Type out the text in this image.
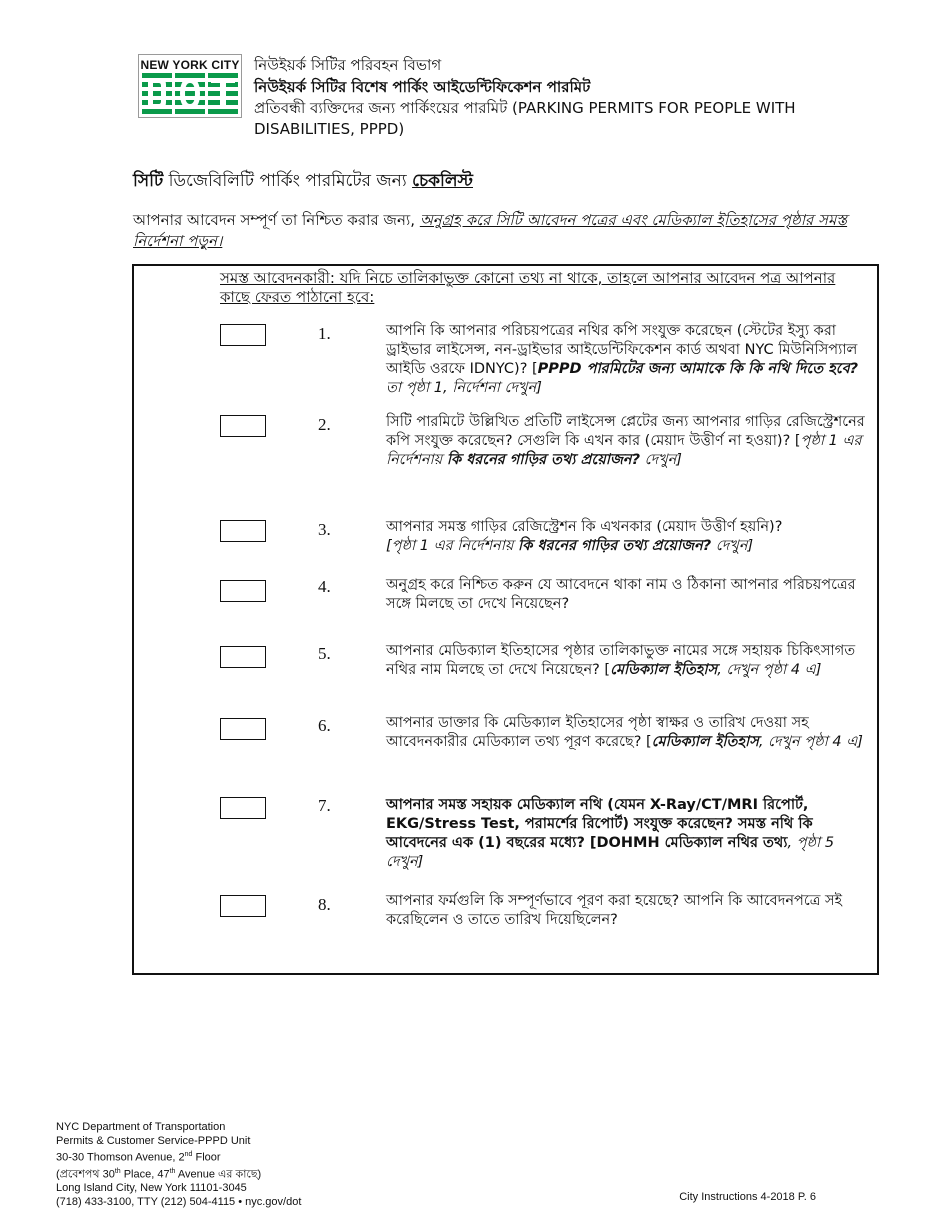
NEW YORK CITY নিউইয়র্ক সিটির পরিবহন বিভাগ
নিউইয়র্ক সিটির বিশেষ পার্কিং আইডেন্টিফিকেশন পারমিট
প্রতিবন্ধী ব্যক্তিদের জন্য পার্কিংয়ের পারমিট (PARKING PERMITS FOR PEOPLE WITH
DISABILITIES, PPPD)
সিটি ডিজেবিলিটি পার্কিং পারমিটের জন্য চেকলিস্ট
আপনার আবেদন সম্পূর্ণ তা নিশ্চিত করার জন্য, অনুগ্রহ করে সিটি আবেদন পত্রের এবং মেডিক্যাল ইতিহাসের পৃষ্ঠার সমস্ত নির্দেশনা পড়ুন।
সমস্ত আবেদনকারী: যদি নিচে তালিকাভুক্ত কোনো তথ্য না থাকে, তাহলে আপনার আবেদন পত্র আপনার কাছে ফেরত পাঠানো হবে:
1.	আপনি কি আপনার পরিচয়পত্রের নথির কপি সংযুক্ত করেছেন (স্টেটের ইস্যু করা ড্রাইভার লাইসেন্স, নন-ড্রাইভার আইডেন্টিফিকেশন কার্ড অথবা NYC মিউনিসিপ্যাল আইডি ওরফে IDNYC)? [PPPD পারমিটের জন্য আমাকে কি কি নথি দিতে হবে? তা পৃষ্ঠা 1, নির্দেশনা দেখুন]
2.	সিটি পারমিটে উল্লিখিত প্রতিটি লাইসেন্স প্লেটের জন্য আপনার গাড়ির রেজিস্ট্রেশনের কপি সংযুক্ত করেছেন? সেগুলি কি এখন কার (মেয়াদ উত্তীর্ণ না হওয়া)? [পৃষ্ঠা 1 এর নির্দেশনায় কি ধরনের গাড়ির তথ্য প্রয়োজন? দেখুন]
3.	আপনার সমস্ত গাড়ির রেজিস্ট্রেশন কি এখনকার (মেয়াদ উত্তীর্ণ হয়নি)?
[পৃষ্ঠা 1 এর নির্দেশনায় কি ধরনের গাড়ির তথ্য প্রয়োজন? দেখুন]
4.	অনুগ্রহ করে নিশ্চিত করুন যে আবেদনে থাকা নাম ও ঠিকানা আপনার পরিচয়পত্রের সঙ্গে মিলছে তা দেখে নিয়েছেন?
5.	আপনার মেডিক্যাল ইতিহাসের পৃষ্ঠার তালিকাভুক্ত নামের সঙ্গে সহায়ক চিকিৎসাগত নথির নাম মিলছে তা দেখে নিয়েছেন? [মেডিক্যাল ইতিহাস, দেখুন পৃষ্ঠা 4 এ]
6.	আপনার ডাক্তার কি মেডিক্যাল ইতিহাসের পৃষ্ঠা স্বাক্ষর ও তারিখ দেওয়া সহ আবেদনকারীর মেডিক্যাল তথ্য পূরণ করেছে? [মেডিক্যাল ইতিহাস, দেখুন পৃষ্ঠা 4 এ]
7.	আপনার সমস্ত সহায়ক মেডিক্যাল নথি (যেমন X-Ray/CT/MRI রিপোর্ট, EKG/Stress Test, পরামর্শের রিপোর্ট) সংযুক্ত করেছেন? সমস্ত নথি কি আবেদনের এক (1) বছরের মধ্যে? [DOHMH মেডিক্যাল নথির তথ্য, পৃষ্ঠা 5 দেখুন]
8.	আপনার ফর্মগুলি কি সম্পূর্ণভাবে পূরণ করা হয়েছে? আপনি কি আবেদনপত্রে সই করেছিলেন ও তাতে তারিখ দিয়েছিলেন?
NYC Department of Transportation
Permits & Customer Service-PPPD Unit
30-30 Thomson Avenue, 2nd Floor
(প্রবেশপথ 30th Place, 47th Avenue এর কাছে)
Long Island City, New York 11101-3045
(718) 433-3100, TTY (212) 504-4115 • nyc.gov/dot	City Instructions 4-2018 P. 6
